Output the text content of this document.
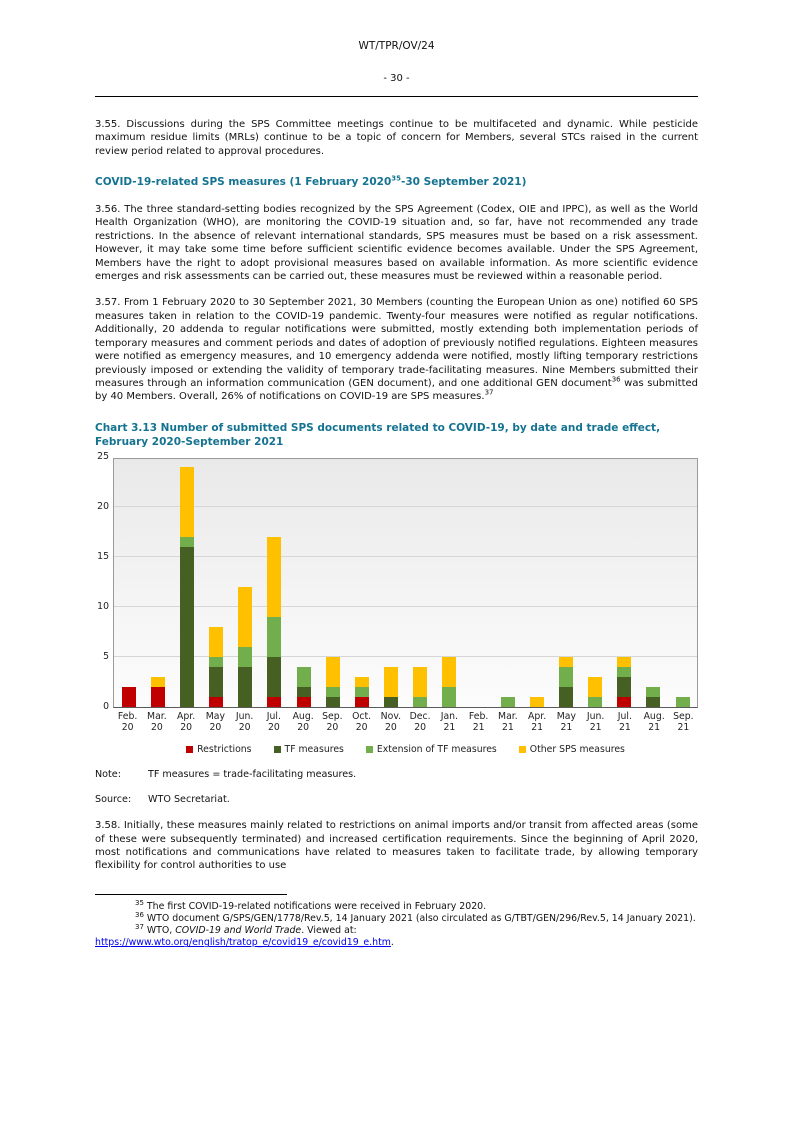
WT/TPR/OV/24
- 30 -

3.55. Discussions during the SPS Committee meetings continue to be multifaceted and dynamic. While pesticide maximum residue limits (MRLs) continue to be a topic of concern for Members, several STCs raised in the current review period related to approval procedures.

COVID-19-related SPS measures (1 February 2020$^{35}$-30 September 2021)

3.56. The three standard-setting bodies recognized by the SPS Agreement (Codex, OIE and IPPC), as well as the World Health Organization (WHO), are monitoring the COVID-19 situation and, so far, have not recommended any trade restrictions. In the absence of relevant international standards, SPS measures must be based on a risk assessment. However, it may take some time before sufficient scientific evidence becomes available. Under the SPS Agreement, Members have the right to adopt provisional measures based on available information. As more scientific evidence emerges and risk assessments can be carried out, these measures must be reviewed within a reasonable period.

3.57. From 1 February 2020 to 30 September 2021, 30 Members (counting the European Union as one) notified 60 SPS measures taken in relation to the COVID-19 pandemic. Twenty-four measures were notified as regular notifications. Additionally, 20 addenda to regular notifications were submitted, mostly extending both implementation periods of temporary measures and comment periods and dates of adoption of previously notified regulations. Eighteen measures were notified as emergency measures, and 10 emergency addenda were notified, mostly lifting temporary restrictions previously imposed or extending the validity of temporary trade-facilitating measures. Nine Members submitted their measures through an information communication (GEN document), and one additional GEN document$^{36}$ was submitted by 40 Members. Overall, 26% of notifications on COVID-19 are SPS measures.$^{37}$

Chart 3.13 Number of submitted SPS documents related to COVID-19, by date and trade effect, February 2020-September 2021
0
5
10
15
20
25
Feb.
20
Mar.
20
Apr.
20
May
20
Jun.
20
Jul.
20
Aug.
20
Sep.
20
Oct.
20
Nov.
20
Dec.
20
Jan.
21
Feb.
21
Mar.
21
Apr.
21
May
21
Jun.
21
Jul.
21
Aug.
21
Sep.
21
Restrictions	TF measures	Extension of TF measures	Other SPS measures
Note:	TF measures = trade-facilitating measures.
Source:	WTO Secretariat.

3.58. Initially, these measures mainly related to restrictions on animal imports and/or transit from affected areas (some of these were subsequently terminated) and increased certification requirements. Since the beginning of April 2020, most notifications and communications have related to measures taken to facilitate trade, by allowing temporary flexibility for control authorities to use

$^{35}$ The first COVID-19-related notifications were received in February 2020.

$^{36}$ WTO document G/SPS/GEN/1778/Rev.5, 14 January 2021 (also circulated as G/TBT/GEN/296/Rev.5, 14 January 2021).

$^{37}$ WTO, COVID-19 and World Trade. Viewed at:
https://www.wto.org/english/tratop_e/covid19_e/covid19_e.htm.
